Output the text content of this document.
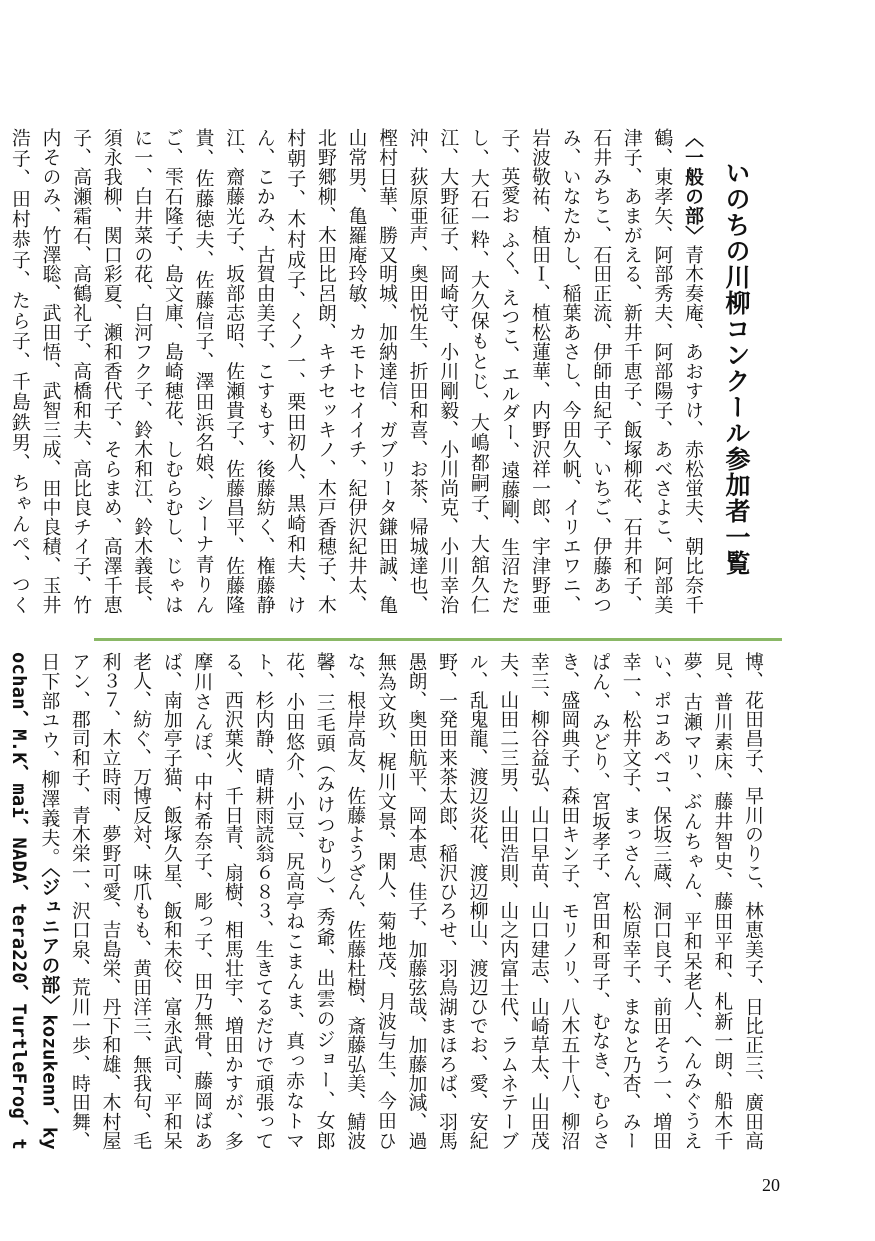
いのちの川柳コンクール参加者一覧
〈一般の部〉青木奏庵、あおすけ、赤松蛍夫、朝比奈千鶴、東孝矢、阿部秀夫、阿部陽子、あべさよこ、阿部美津子、あまがえる、新井千恵子、飯塚柳花、石井和子、石井みちこ、石田正流、伊師由紀子、いちご、伊藤あつみ、いなたかし、稲葉あさし、今田久帆、イリエワニ、岩波敬祐、植田Ｉ、植松蓮華、内野沢祥一郎、宇津野亜子、英愛お ふく、えつこ、エルダー、遠藤剛、生沼ただし、大石一粋、大久保もとじ、大嶋都嗣子、大舘久仁江、大野征子、岡崎守、小川剛毅、小川尚克、小川幸治沖、荻原亜声、奥田悦生、折田和喜、お茶、帰城達也、樫村日華、勝又明城、加納達信、ガブリータ鎌田誠、亀山常男、亀羅庵玲敏、カモトセイイチ、紀伊沢紀井太、北野郷柳、木田比呂朗、キチセッキノ、木戸香穂子、木村朝子、木村成子、くノ一、栗田初人、黒崎和夫、けん、こかみ、古賀由美子、こすもす、後藤紡く、権藤静江、齋藤光子、坂部志昭、佐瀬貴子、佐藤昌平、佐藤隆貴、佐藤徳夫、佐藤信子、澤田浜名娘、シーナ青りんご、雫石隆子、島文庫、島崎穂花、しむらむし、じゃはに一、白井菜の花、白河フク子、鈴木和江、鈴木義長、須永我柳、関口彩夏、瀬和香代子、そらまめ、高澤千恵子、高瀬霜石、高鶴礼子、高橋和夫、高比良チイ子、竹内そのみ、竹澤聡、武田悟、武智三成、田中良積、玉井浩子、田村恭子、たら子、千島鉄男、ちゃんぺ、つく
博、花田昌子、早川のりこ、林恵美子、日比正三、廣田高見、普川素床、藤井智史、藤田平和、札新一朗、船木千夢、古瀬マリ、ぶんちゃん、平和呆老人、へんみぐうえい、ポコあペコ、保坂三蔵、洞口良子、前田そう一、増田幸一、松井文子、まっさん、松原幸子、まなと乃杏、みーぱん、みどり、宮坂孝子、宮田和哥子、むなき、むらさき、盛岡典子、森田キン子、モリノリ、八木五十八、柳沼幸三、柳谷益弘、山口早苗、山口建志、山崎草太、山田茂夫、山田二三男、山田浩則、山之内富士代、ラムネテーブル、乱鬼龍、渡辺炎花、渡辺柳山、渡辺ひでお、愛、安紀野、一発田来茶太郎、稲沢ひろせ、羽鳥湖まほろば、羽馬愚朗、奥田航平、岡本恵、佳子、加藤弦哉、加藤加減、過無為文玖、梶川文景、閑人、菊地茂、月波与生、今田ひな、根岸高友、佐藤ようざん、佐藤杜樹、斎藤弘美、鯖波馨、三毛頭（みけつむり）、秀爺、出雲のジョー、女郎花、小田悠介、小豆、尻高亭ねこまんま、真っ赤なトマト、杉内静、晴耕雨読翁６８３、生きてるだけで頑張ってる、西沢葉火、千日青、扇樹、相馬壮宇、増田かすが、多摩川さんぽ、中村希奈子、彫っ子、田乃無骨、藤岡ばあば、南加亭子猫、飯塚久星、飯和未佼、富永武司、平和呆老人、紡ぐ、万博反対、味爪もも、黄田洋三、無我句、毛利３７、木立時雨、夢野可愛、吉島栄、丹下和雄、木村屋アン、郡司和子、青木栄一、沢口泉、荒川一歩、時田舞、日下部ユウ、柳澤義夫。〈ジュニアの部〉kozukenn、kyochan、M.K、mai、NADA、tera220、TurtleFrog、t
20
